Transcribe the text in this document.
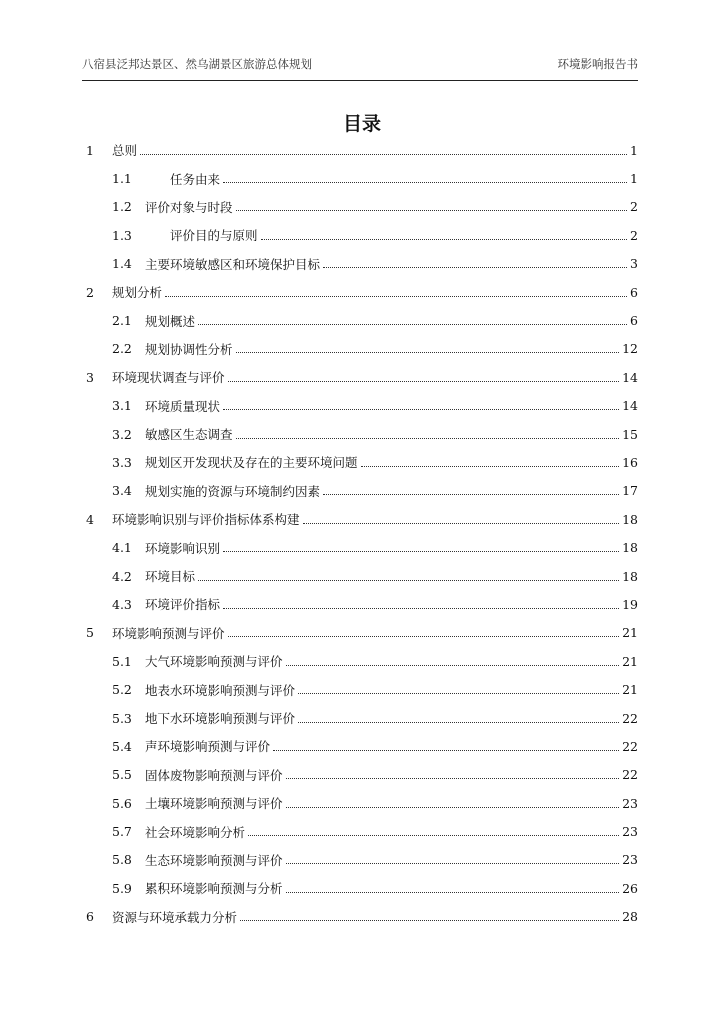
八宿县泛邦达景区、然乌湖景区旅游总体规划	环境影响报告书
目录
1	总则	1
1.1	　　任务由来	1
1.2	评价对象与时段	2
1.3	　　评价目的与原则	2
1.4	主要环境敏感区和环境保护目标	3
2	规划分析	6
2.1	规划概述	6
2.2	规划协调性分析	12
3	环境现状调查与评价	14
3.1	环境质量现状	14
3.2	敏感区生态调查	15
3.3	规划区开发现状及存在的主要环境问题	16
3.4	规划实施的资源与环境制约因素	17
4	环境影响识别与评价指标体系构建	18
4.1	环境影响识别	18
4.2	环境目标	18
4.3	环境评价指标	19
5	环境影响预测与评价	21
5.1	大气环境影响预测与评价	21
5.2	地表水环境影响预测与评价	21
5.3	地下水环境影响预测与评价	22
5.4	声环境影响预测与评价	22
5.5	固体废物影响预测与评价	22
5.6	土壤环境影响预测与评价	23
5.7	社会环境影响分析	23
5.8	生态环境影响预测与评价	23
5.9	累积环境影响预测与分析	26
6	资源与环境承载力分析	28
